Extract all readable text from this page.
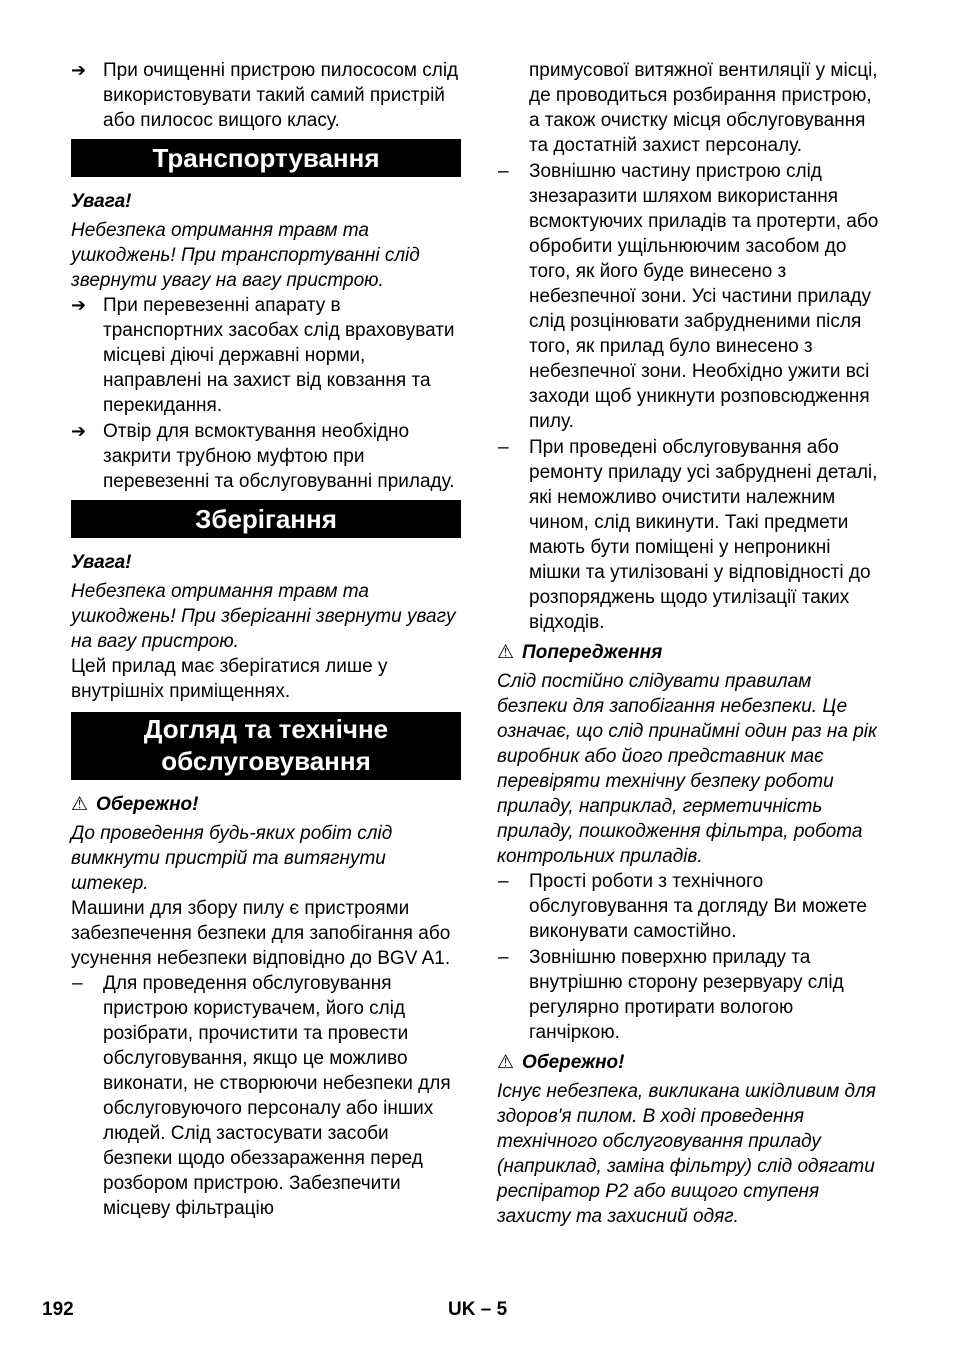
➔ При очищенні пристрою пилососом слід використовувати такий самий пристрій або пилосос вищого класу.

Транспортування

Увага!

Небезпека отримання травм та ушкоджень! При транспортуванні слід звернути увагу на вагу пристрою.

➔ При перевезенні апарату в транспортних засобах слід враховувати місцеві діючі державні норми, направлені на захист від ковзання та перекидання.

➔ Отвір для всмоктування необхідно закрити трубною муфтою при перевезенні та обслуговуванні приладу.

Зберігання

Увага!

Небезпека отримання травм та ушкоджень! При зберіганні звернути увагу на вагу пристрою.

Цей прилад має зберігатися лише у внутрішніх приміщеннях.

Догляд та технічне
обслуговування

⚠ Обережно!

До проведення будь-яких робіт слід вимкнути пристрій та витягнути штекер.

Машини для збору пилу є пристроями забезпечення безпеки для запобігання або усунення небезпеки відповідно до BGV A1.

–	Для проведення обслуговування пристрою користувачем, його слід розібрати, прочистити та провести обслуговування, якщо це можливо виконати, не створюючи небезпеки для обслуговуючого персоналу або інших людей. Слід застосувати засоби безпеки щодо обеззараження перед розбором пристрою. Забезпечити місцеву фільтрацію

примусової витяжної вентиляції у місці, де проводиться розбирання пристрою, а також очистку місця обслуговування та достатній захист персоналу.

–	Зовнішню частину пристрою слід знезаразити шляхом використання всмоктуючих приладів та протерти, або обробити ущільнюючим засобом до того, як його буде винесено з небезпечної зони. Усі частини приладу слід розцінювати забрудненими після того, як прилад було винесено з небезпечної зони. Необхідно ужити всі заходи щоб уникнути розповсюдження пилу.

–	При проведені обслуговування або ремонту приладу усі забруднені деталі, які неможливо очистити належним чином, слід викинути. Такі предмети мають бути поміщені у непроникні мішки та утилізовані у відповідності до розпоряджень щодо утилізації таких відходів.

⚠ Попередження

Слід постійно слідувати правилам безпеки для запобігання небезпеки. Це означає, що слід принаймні один раз на рік виробник або його представник має перевіряти технічну безпеку роботи приладу, наприклад, герметичність приладу, пошкодження фільтра, робота контрольних приладів.

–	Прості роботи з технічного обслуговування та догляду Ви можете виконувати самостійно.

–	Зовнішню поверхню приладу та внутрішню сторону резервуару слід регулярно протирати вологою ганчіркою.

⚠ Обережно!

Існує небезпека, викликана шкідливим для здоров'я пилом. В ході проведення технічного обслуговування приладу (наприклад, заміна фільтру) слід одягати респіратор P2 або вищого ступеня захисту та захисний одяг.

192	UK – 5
